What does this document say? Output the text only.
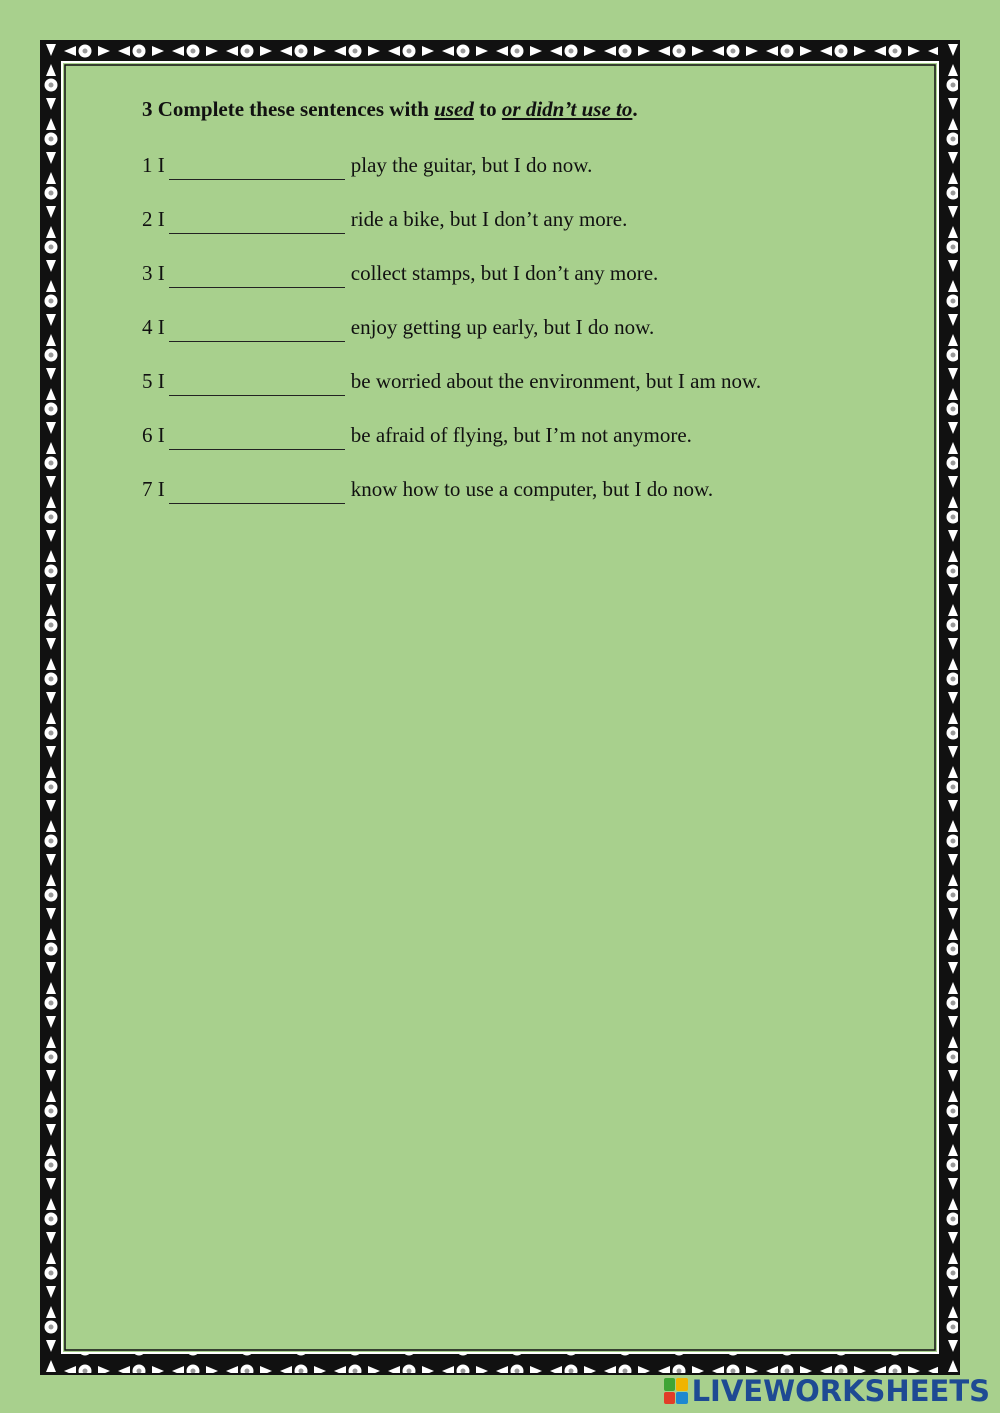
3 Complete these sentences with used to or didn’t use to.

1 I	play the guitar, but I do now.

2 I	ride a bike, but I don’t any more.

3 I	collect stamps, but I don’t any more.

4 I	enjoy getting up early, but I do now.

5 I	be worried about the environment, but I am now.

6 I	be afraid of flying, but I’m not anymore.

7 I	know how to use a computer, but I do now.

LIVEWORKSHEETS
